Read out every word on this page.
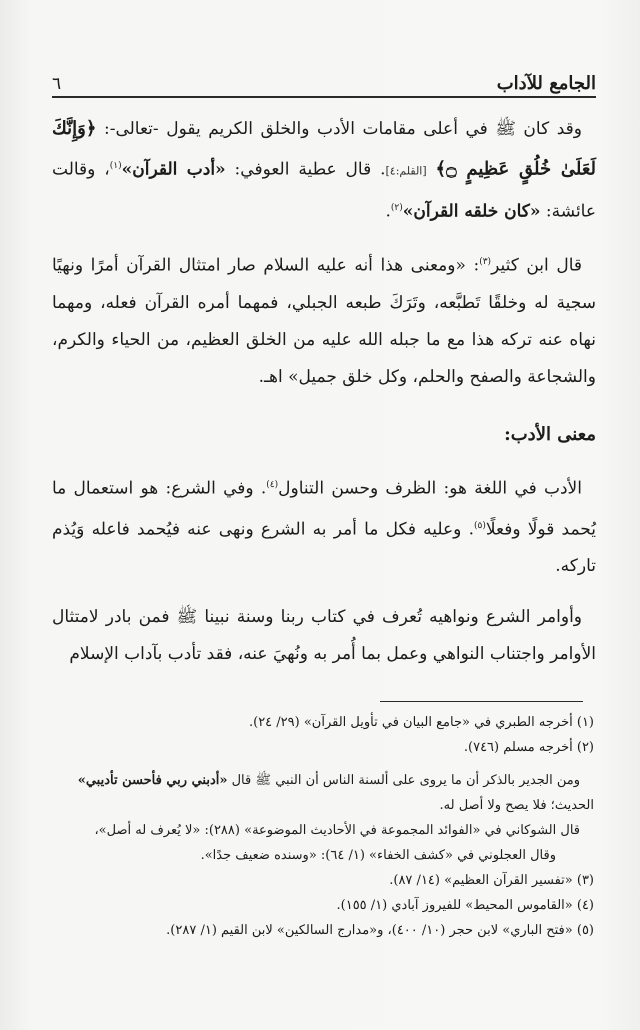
الجامع للآداب
٦

وقد كان ﷺ في أعلى مقامات الأدب والخلق الكريم يقول -تعالى-: ﴿وَإِنَّكَ لَعَلَىٰ خُلُقٍ عَظِيمٍ ۝﴾ [القلم:٤]. قال عطية العوفي: «أدب القرآن»$^{(١)}$، وقالت عائشة: «كان خلقه القرآن»$^{(٢)}$.

قال ابن كثير$^{(٣)}$: «ومعنى هذا أنه عليه السلام صار امتثال القرآن أمرًا ونهيًا سجية له وخلقًا تَطبَّعه، وتَرَكَ طبعه الجبلي، فمهما أمره القرآن فعله، ومهما نهاه عنه تركه هذا مع ما جبله الله عليه من الخلق العظيم، من الحياء والكرم، والشجاعة والصفح والحلم، وكل خلق جميل» اهـ.

معنى الأدب:

الأدب في اللغة هو: الظرف وحسن التناول$^{(٤)}$. وفي الشرع: هو استعمال ما يُحمد قولًا وفعلًا$^{(٥)}$. وعليه فكل ما أمر به الشرع ونهى عنه فيُحمد فاعله وَيُذم تاركه.

وأوامر الشرع ونواهيه تُعرف في كتاب ربنا وسنة نبينا ﷺ فمن بادر لامتثال الأوامر واجتناب النواهي وعمل بما أُمر به ونُهيَ عنه، فقد تأدب بآداب الإسلام

(١) أخرجه الطبري في «جامع البيان في تأويل القرآن» (٢٩/ ٢٤).

(٢) أخرجه مسلم (٧٤٦).

ومن الجدير بالذكر أن ما يروى على ألسنة الناس أن النبي ﷺ قال «أدبني ربي فأحسن تأديبي» الحديث؛ فلا يصح ولا أصل له.

قال الشوكاني في «الفوائد المجموعة في الأحاديث الموضوعة» (٢٨٨): «لا يُعرف له أصل»،

وقال العجلوني في «كشف الخفاء» (١/ ٦٤): «وسنده ضعيف جدًا».

(٣) «تفسير القرآن العظيم» (١٤/ ٨٧).

(٤) «القاموس المحيط» للفيروز آبادي (١/ ١٥٥).

(٥) «فتح الباري» لابن حجر (١٠/ ٤٠٠)، و«مدارج السالكين» لابن القيم (١/ ٢٨٧).
